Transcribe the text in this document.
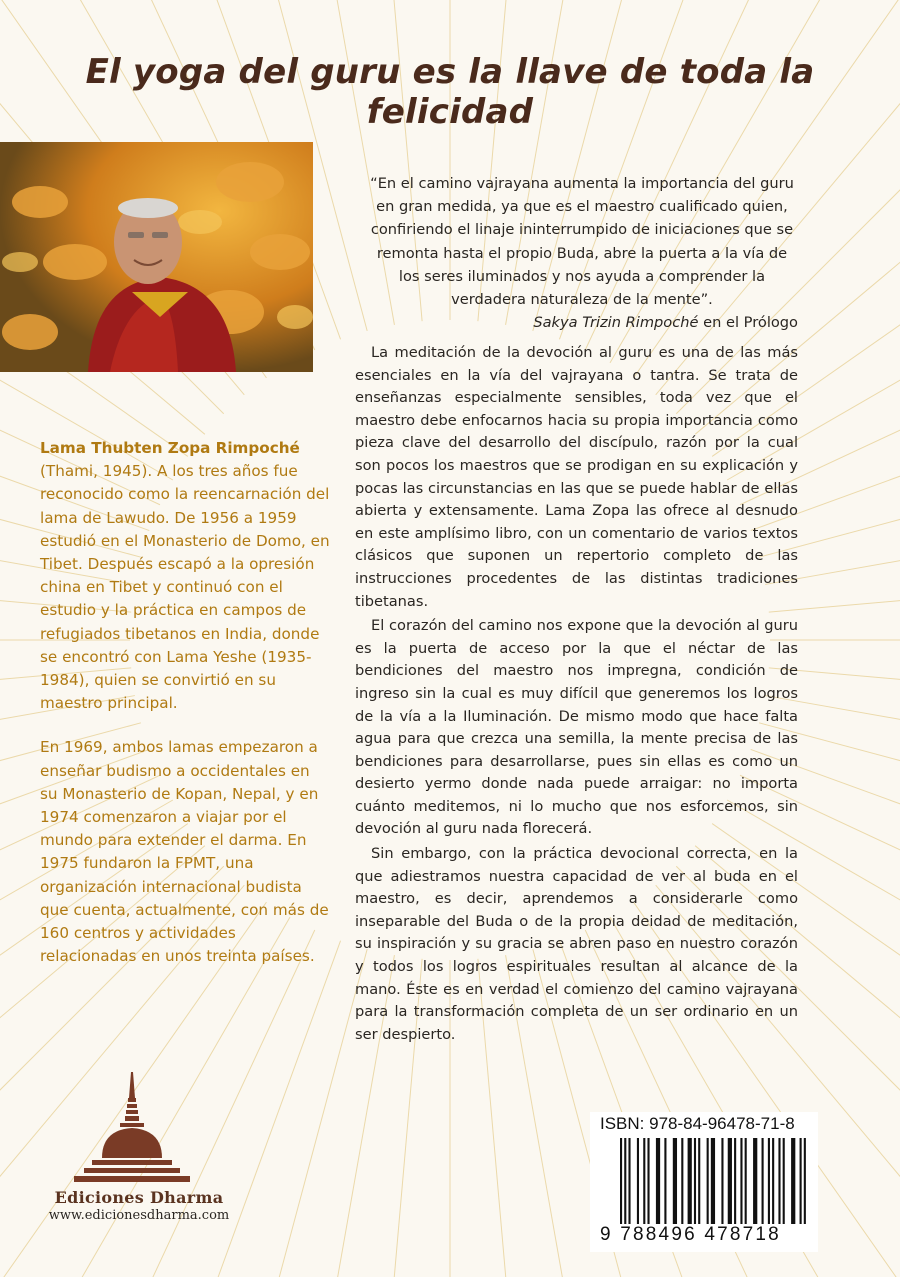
El yoga del guru es la llave de toda la felicidad

Lama Thubten Zopa Rimpoché (Thami, 1945). A los tres años fue reconocido como la reencarnación del lama de Lawudo. De 1956 a 1959 estudió en el Monasterio de Domo, en Tibet. Después escapó a la opresión china en Tibet y continuó con el estudio y la práctica en campos de refugiados tibetanos en India, donde se encontró con Lama Yeshe (1935-1984), quien se convirtió en su maestro principal.

En 1969, ambos lamas empezaron a enseñar budismo a occidentales en su Monasterio de Kopan, Nepal, y en 1974 comenzaron a viajar por el mundo para extender el darma. En 1975 fundaron la FPMT, una organización internacional budista que cuenta, actualmente, con más de 160 centros y actividades relacionadas en unos treinta países.

“En el camino vajrayana aumenta la importancia del guru en gran medida, ya que es el maestro cualificado quien, confiriendo el linaje ininterrumpido de iniciaciones que se remonta hasta el propio Buda, abre la puerta a la vía de los seres iluminados y nos ayuda a comprender la verdadera naturaleza de la mente”.

Sakya Trizin Rimpoché en el Prólogo

La meditación de la devoción al guru es una de las más esenciales en la vía del vajrayana o tantra. Se trata de enseñanzas especialmente sensibles, toda vez que el maestro debe enfocarnos hacia su propia importancia como pieza clave del desarrollo del discípulo, razón por la cual son pocos los maestros que se prodigan en su explicación y pocas las circunstancias en las que se puede hablar de ellas abierta y extensamente. Lama Zopa las ofrece al desnudo en este amplísimo libro, con un comentario de varios textos clásicos que suponen un repertorio completo de las instrucciones procedentes de las distintas tradiciones tibetanas.

El corazón del camino nos expone que la devoción al guru es la puerta de acceso por la que el néctar de las bendiciones del maestro nos impregna, condición de ingreso sin la cual es muy difícil que generemos los logros de la vía a la Iluminación. De mismo modo que hace falta agua para que crezca una semilla, la mente precisa de las bendiciones para desarrollarse, pues sin ellas es como un desierto yermo donde nada puede arraigar: no importa cuánto meditemos, ni lo mucho que nos esforcemos, sin devoción al guru nada florecerá.

Sin embargo, con la práctica devocional correcta, en la que adiestramos nuestra capacidad de ver al buda en el maestro, es decir, aprendemos a considerarle como inseparable del Buda o de la propia deidad de meditación, su inspiración y su gracia se abren paso en nuestro corazón y todos los logros espirituales resultan al alcance de la mano. Éste es en verdad el comienzo del camino vajrayana para la transformación completa de un ser ordinario en un ser despierto.

Ediciones Dharma
www.edicionesdharma.com
ISBN: 978-84-96478-71-8
9 788496 478718
